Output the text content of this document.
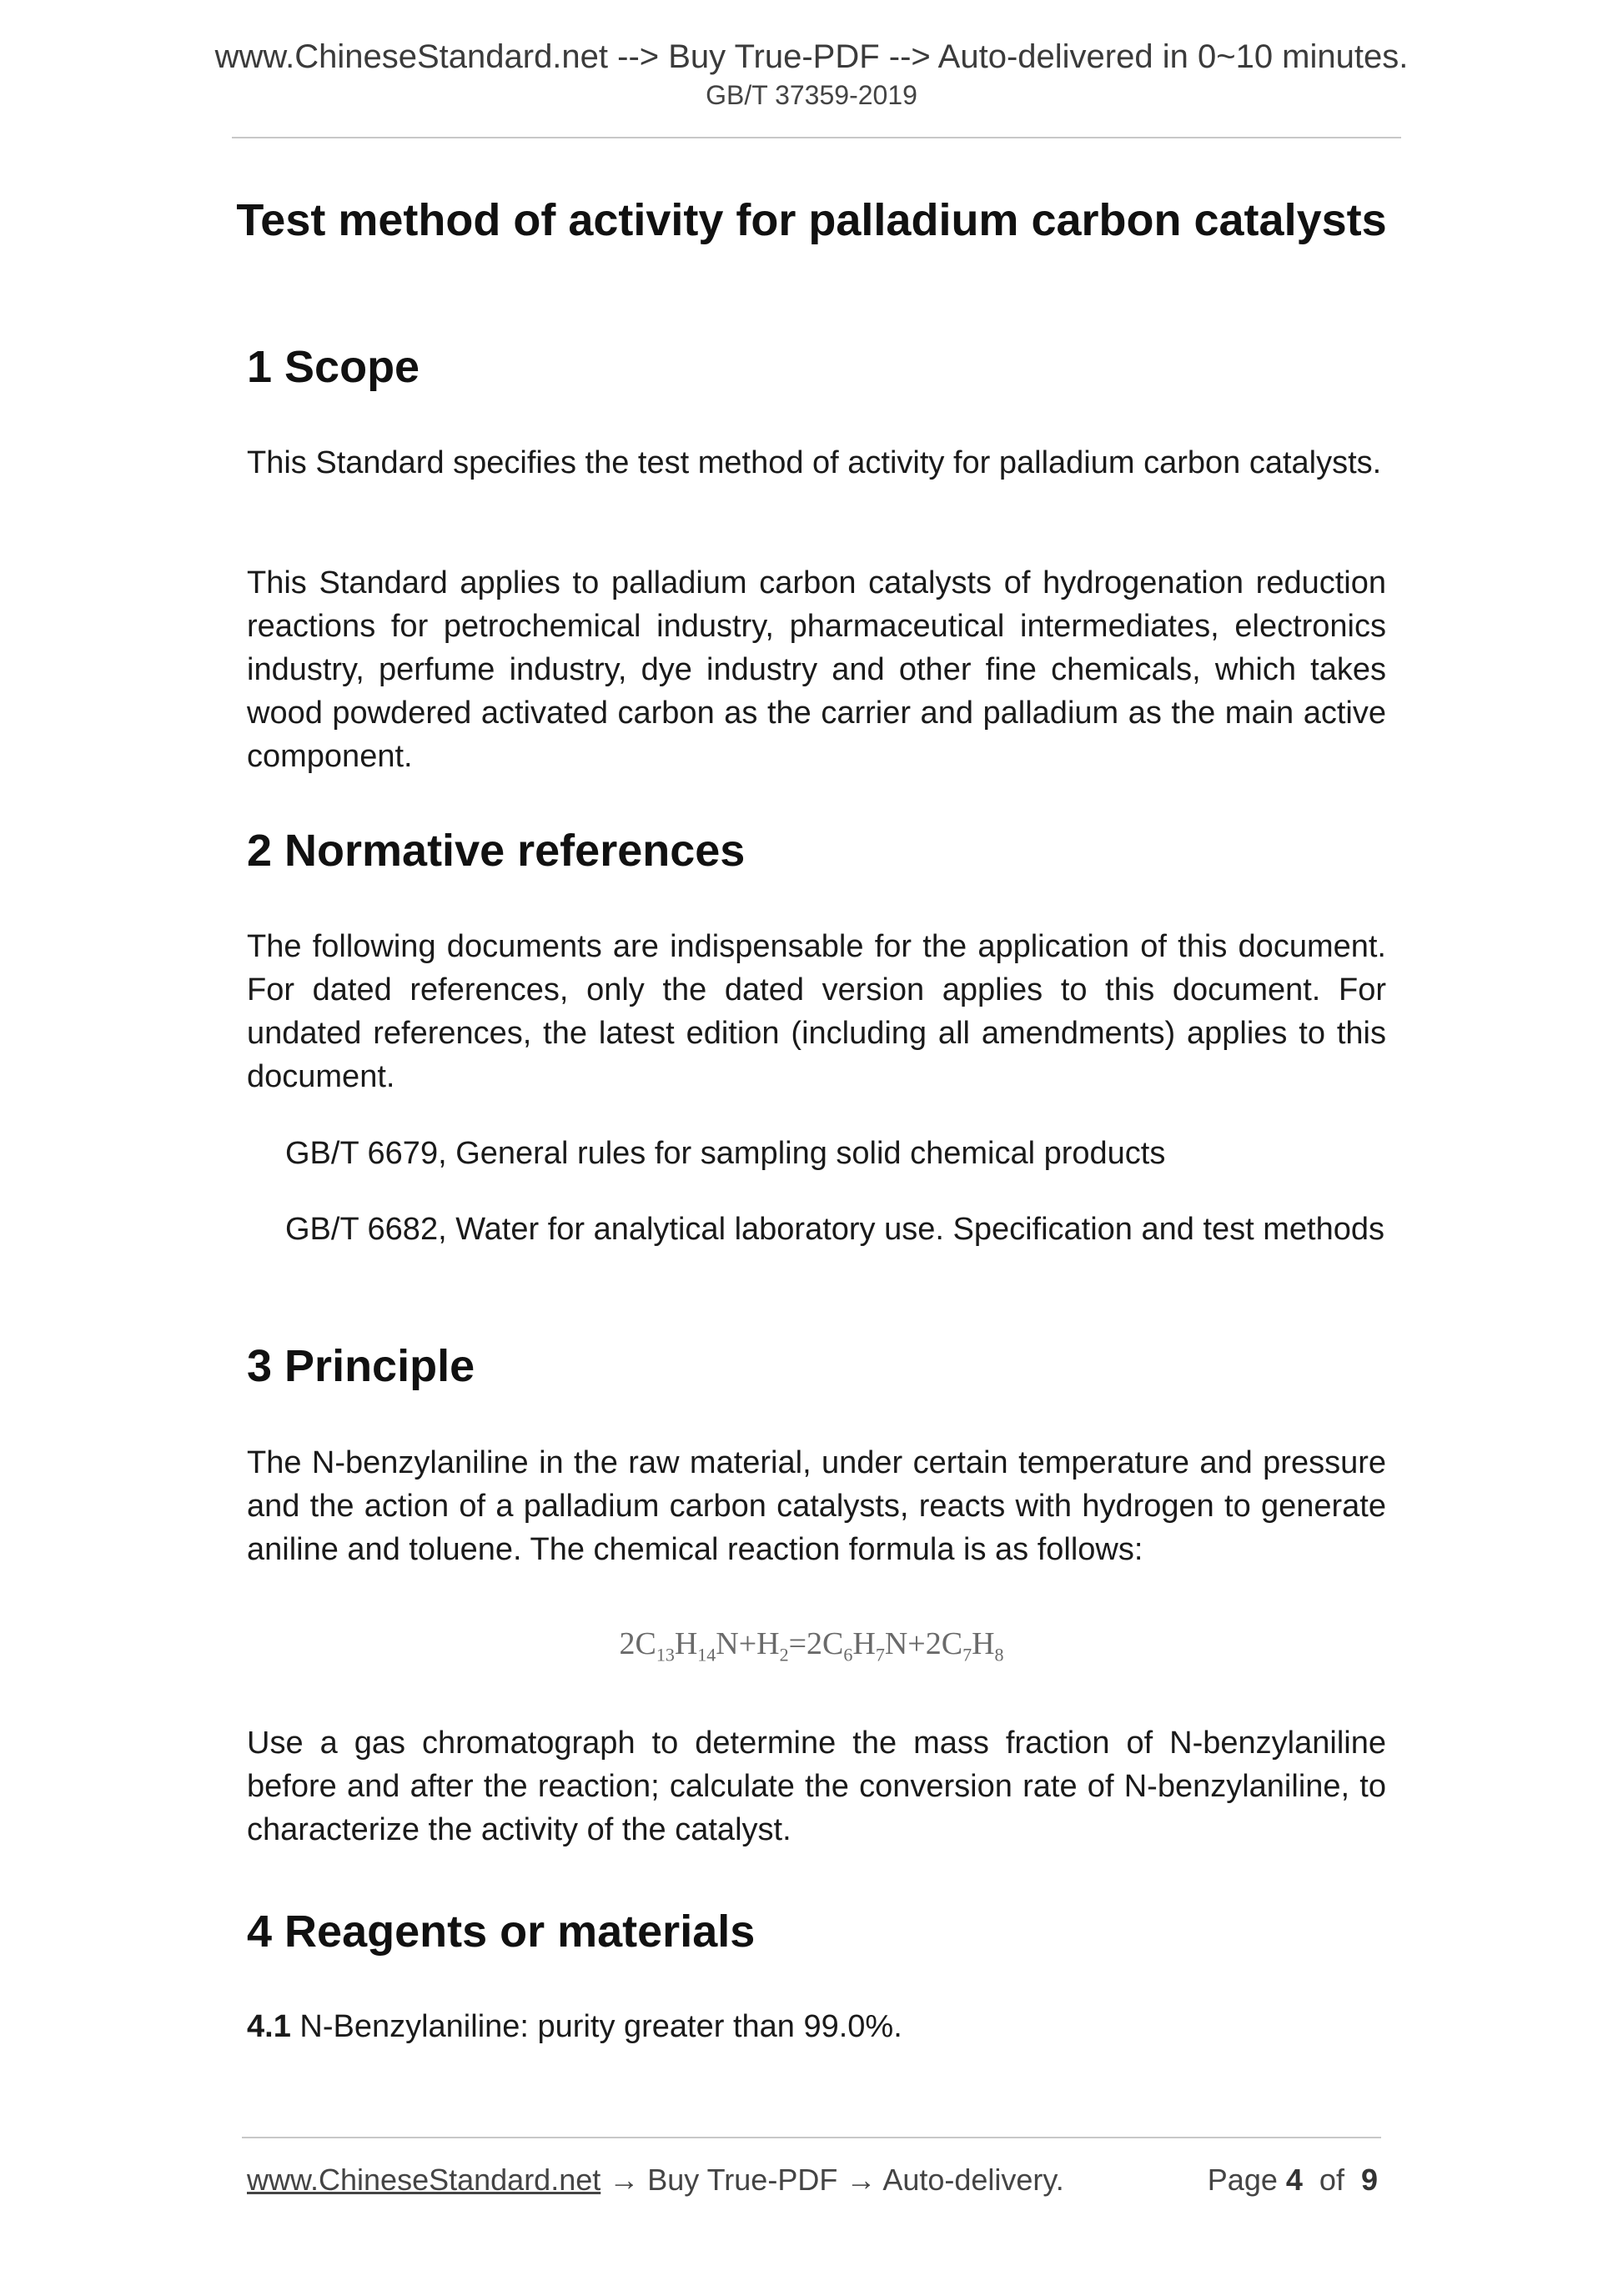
www.ChineseStandard.net --> Buy True-PDF --> Auto-delivered in 0~10 minutes.
GB/T 37359-2019
Test method of activity for palladium carbon catalysts
1 Scope
This Standard specifies the test method of activity for palladium carbon catalysts.
This Standard applies to palladium carbon catalysts of hydrogenation reduction reactions for petrochemical industry, pharmaceutical intermediates, electronics industry, perfume industry, dye industry and other fine chemicals, which takes wood powdered activated carbon as the carrier and palladium as the main active component.
2 Normative references
The following documents are indispensable for the application of this document. For dated references, only the dated version applies to this document. For undated references, the latest edition (including all amendments) applies to this document.
GB/T 6679, General rules for sampling solid chemical products
GB/T 6682, Water for analytical laboratory use. Specification and test methods
3 Principle
The N-benzylaniline in the raw material, under certain temperature and pressure and the action of a palladium carbon catalysts, reacts with hydrogen to generate aniline and toluene. The chemical reaction formula is as follows:
$2C_{13}H_{14}N+H_2=2C_6H_7N+2C_7H_8$
Use a gas chromatograph to determine the mass fraction of N-benzylaniline before and after the reaction; calculate the conversion rate of N-benzylaniline, to characterize the activity of the catalyst.
4 Reagents or materials
4.1 N-Benzylaniline: purity greater than 99.0%.
www.ChineseStandard.net → Buy True-PDF → Auto-delivery.	Page 4 of 9
